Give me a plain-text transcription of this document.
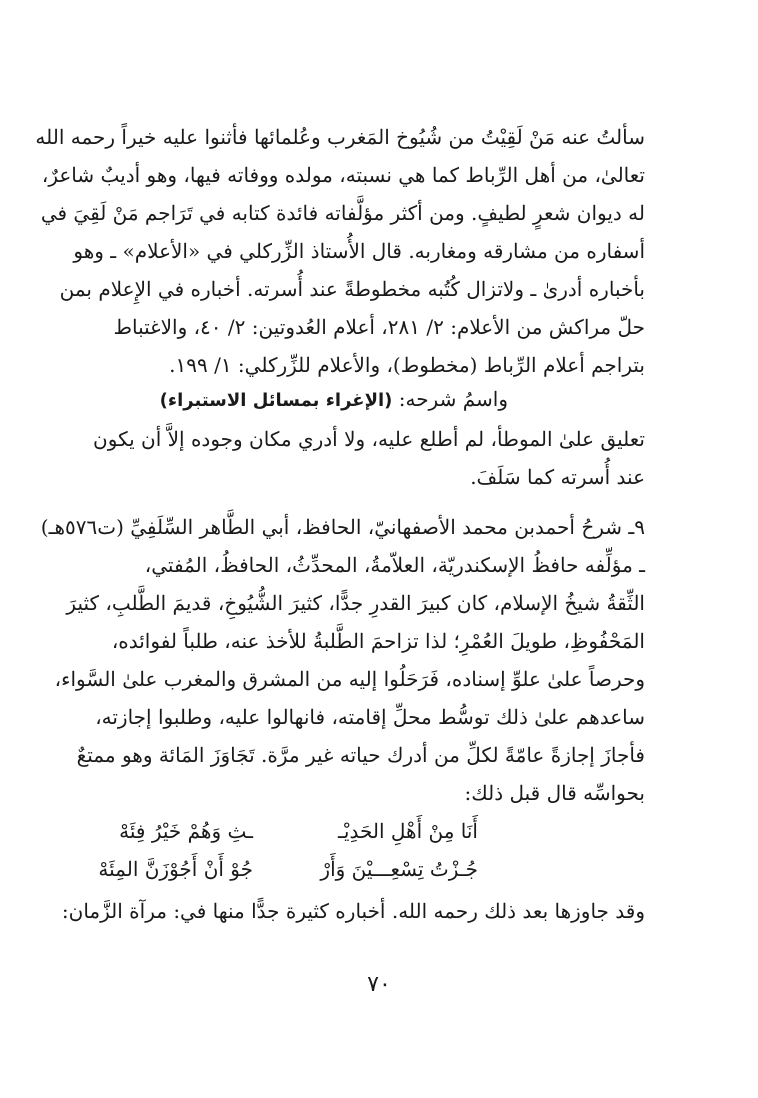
سألتُ عنه مَنْ لَقِيْتُ من شُيُوخ المَغرب وعُلمائها فأثنوا عليه خيراً رحمه الله
تعالىٰ، من أهل الرِّباط كما هي نسبته، مولده ووفاته فيها، وهو أديبٌ شاعرٌ،
له ديوان شعرٍ لطيفٍ. ومن أكثر مؤلَّفاته فائدة كتابه في تَرَاجم مَنْ لَقِيَ في
أسفاره من مشارقه ومغاربه. قال الأُستاذ الزِّركلي في «الأعلام» ـ وهو
بأخباره أدرىٰ ـ ولاتزال كُتُبه مخطوطةً عند أُسرته. أخباره في الإِعلام بمن
حلّ مراكش من الأعلام: ٢/ ٢٨١، أعلام العُدوتين: ٢/ ٤٠، والاغتباط
بتراجم أعلام الرِّباط (مخطوط)، والأعلام للزِّركلي: ١/ ١٩٩.
واسمُ شرحه: (الإغراء بمسائل الاستبراء)
تعليق علىٰ الموطأ، لم أطلع عليه، ولا أدري مكان وجوده إلاَّ أن يكون
عند أُسرته كما سَلَفَ.
٩ـ شرحُ أحمدبن محمد الأصفهانيّ، الحافظ، أبي الطَّاهر السِّلَفِيِّ (ت٥٧٦هـ)
ـ مؤلِّفه حافظُ الإسكندريّة، العلاّمةُ، المحدِّثُ، الحافظُ، المُفتي،
الثِّقةُ شيخُ الإسلام، كان كبيرَ القدرِ جدًّا، كثيرَ الشُّيُوخِ، قديمَ الطَّلبِ، كثيرَ
المَحْفُوظِ، طويلَ العُمْرِ؛ لذا تزاحمَ الطَّلبةُ للأخذ عنه، طلباً لفوائده،
وحرصاً علىٰ علوِّ إسناده، فَرَحَلُوا إليه من المشرق والمغرب علىٰ السَّواء،
ساعدهم علىٰ ذلك توسُّط محلِّ إقامته، فانهالوا عليه، وطلبوا إجازته،
فأجازَ إجازةً عامّةً لكلِّ من أدرك حياته غير مرَّة. تَجَاوَزَ المَائة وهو ممتعٌ
بحواسِّه قال قبل ذلك:
أَنَا مِنْ أَهْلِ الحَدِيْـ
ـثِ وَهُمْ خَيْرُ فِئَهْ
جُـزْتُ تِسْعِـــيْنَ وَأَرْ
جُوْ أَنْ أَجُوْزَنَّ المِئَهْ
وقد جاوزها بعد ذلك رحمه الله. أخباره كثيرة جدًّا منها في: مرآة الزَّمان:
٧٠
